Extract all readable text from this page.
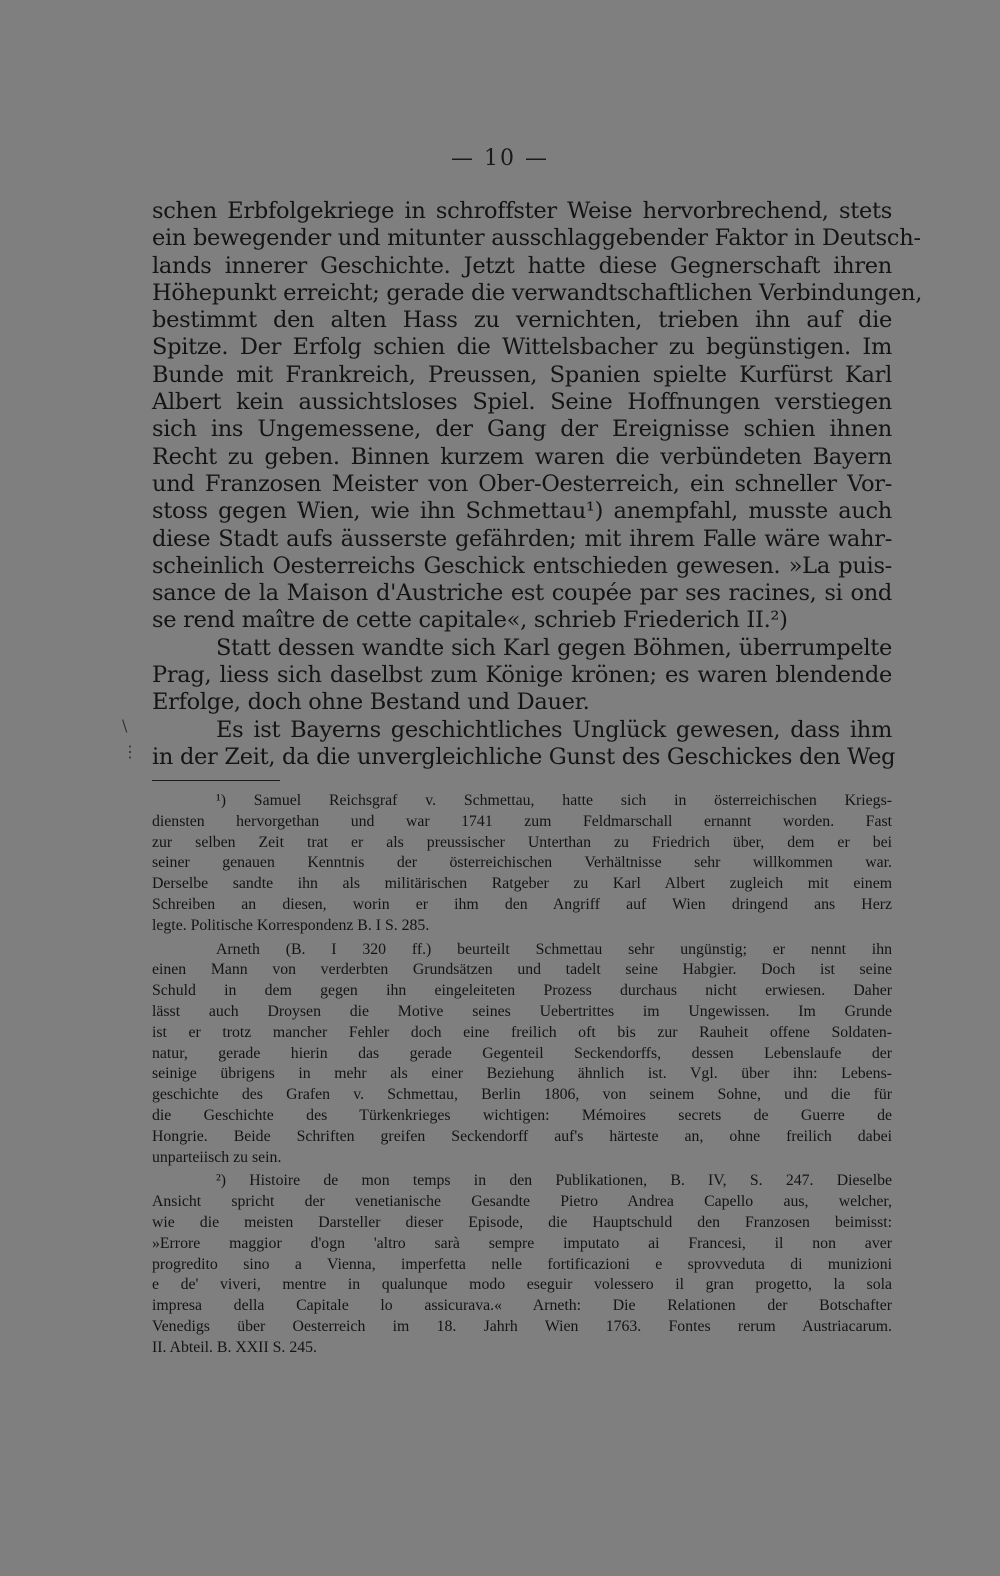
— 10 —
\
⋮
schen Erbfolgekriege in schroffster Weise hervorbrechend, stets
ein bewegender und mitunter ausschlaggebender Faktor in Deutsch-
lands innerer Geschichte. Jetzt hatte diese Gegnerschaft ihren
Höhepunkt erreicht; gerade die verwandtschaftlichen Verbindungen,
bestimmt den alten Hass zu vernichten, trieben ihn auf die
Spitze. Der Erfolg schien die Wittelsbacher zu begünstigen. Im
Bunde mit Frankreich, Preussen, Spanien spielte Kurfürst Karl
Albert kein aussichtsloses Spiel. Seine Hoffnungen verstiegen
sich ins Ungemessene, der Gang der Ereignisse schien ihnen
Recht zu geben. Binnen kurzem waren die verbündeten Bayern
und Franzosen Meister von Ober-Oesterreich, ein schneller Vor-
stoss gegen Wien, wie ihn Schmettau¹) anempfahl, musste auch
diese Stadt aufs äusserste gefährden; mit ihrem Falle wäre wahr-
scheinlich Oesterreichs Geschick entschieden gewesen. »La puis-
sance de la Maison d'Austriche est coupée par ses racines, si ond
se rend maître de cette capitale«, schrieb Friederich II.²)
Statt dessen wandte sich Karl gegen Böhmen, überrumpelte
Prag, liess sich daselbst zum Könige krönen; es waren blendende
Erfolge, doch ohne Bestand und Dauer.
Es ist Bayerns geschichtliches Unglück gewesen, dass ihm
in der Zeit, da die unvergleichliche Gunst des Geschickes den Weg
¹) Samuel Reichsgraf v. Schmettau, hatte sich in österreichischen Kriegs-
diensten hervorgethan und war 1741 zum Feldmarschall ernannt worden. Fast
zur selben Zeit trat er als preussischer Unterthan zu Friedrich über, dem er bei
seiner genauen Kenntnis der österreichischen Verhältnisse sehr willkommen war.
Derselbe sandte ihn als militärischen Ratgeber zu Karl Albert zugleich mit einem
Schreiben an diesen, worin er ihm den Angriff auf Wien dringend ans Herz
legte. Politische Korrespondenz B. I S. 285.
Arneth (B. I 320 ff.) beurteilt Schmettau sehr ungünstig; er nennt ihn
einen Mann von verderbten Grundsätzen und tadelt seine Habgier. Doch ist seine
Schuld in dem gegen ihn eingeleiteten Prozess durchaus nicht erwiesen. Daher
lässt auch Droysen die Motive seines Uebertrittes im Ungewissen. Im Grunde
ist er trotz mancher Fehler doch eine freilich oft bis zur Rauheit offene Soldaten-
natur, gerade hierin das gerade Gegenteil Seckendorffs, dessen Lebenslaufe der
seinige übrigens in mehr als einer Beziehung ähnlich ist. Vgl. über ihn: Lebens-
geschichte des Grafen v. Schmettau, Berlin 1806, von seinem Sohne, und die für
die Geschichte des Türkenkrieges wichtigen: Mémoires secrets de Guerre de
Hongrie. Beide Schriften greifen Seckendorff auf's härteste an, ohne freilich dabei
unparteiisch zu sein.
²) Histoire de mon temps in den Publikationen, B. IV, S. 247. Dieselbe
Ansicht spricht der venetianische Gesandte Pietro Andrea Capello aus, welcher,
wie die meisten Darsteller dieser Episode, die Hauptschuld den Franzosen beimisst:
»Errore maggior d'ogn 'altro sarà sempre imputato ai Francesi, il non aver
progredito sino a Vienna, imperfetta nelle fortificazioni e sprovveduta di munizioni
e de' viveri, mentre in qualunque modo eseguir volessero il gran progetto, la sola
impresa della Capitale lo assicurava.« Arneth: Die Relationen der Botschafter
Venedigs über Oesterreich im 18. Jahrh Wien 1763. Fontes rerum Austriacarum.
II. Abteil. B. XXII S. 245.
